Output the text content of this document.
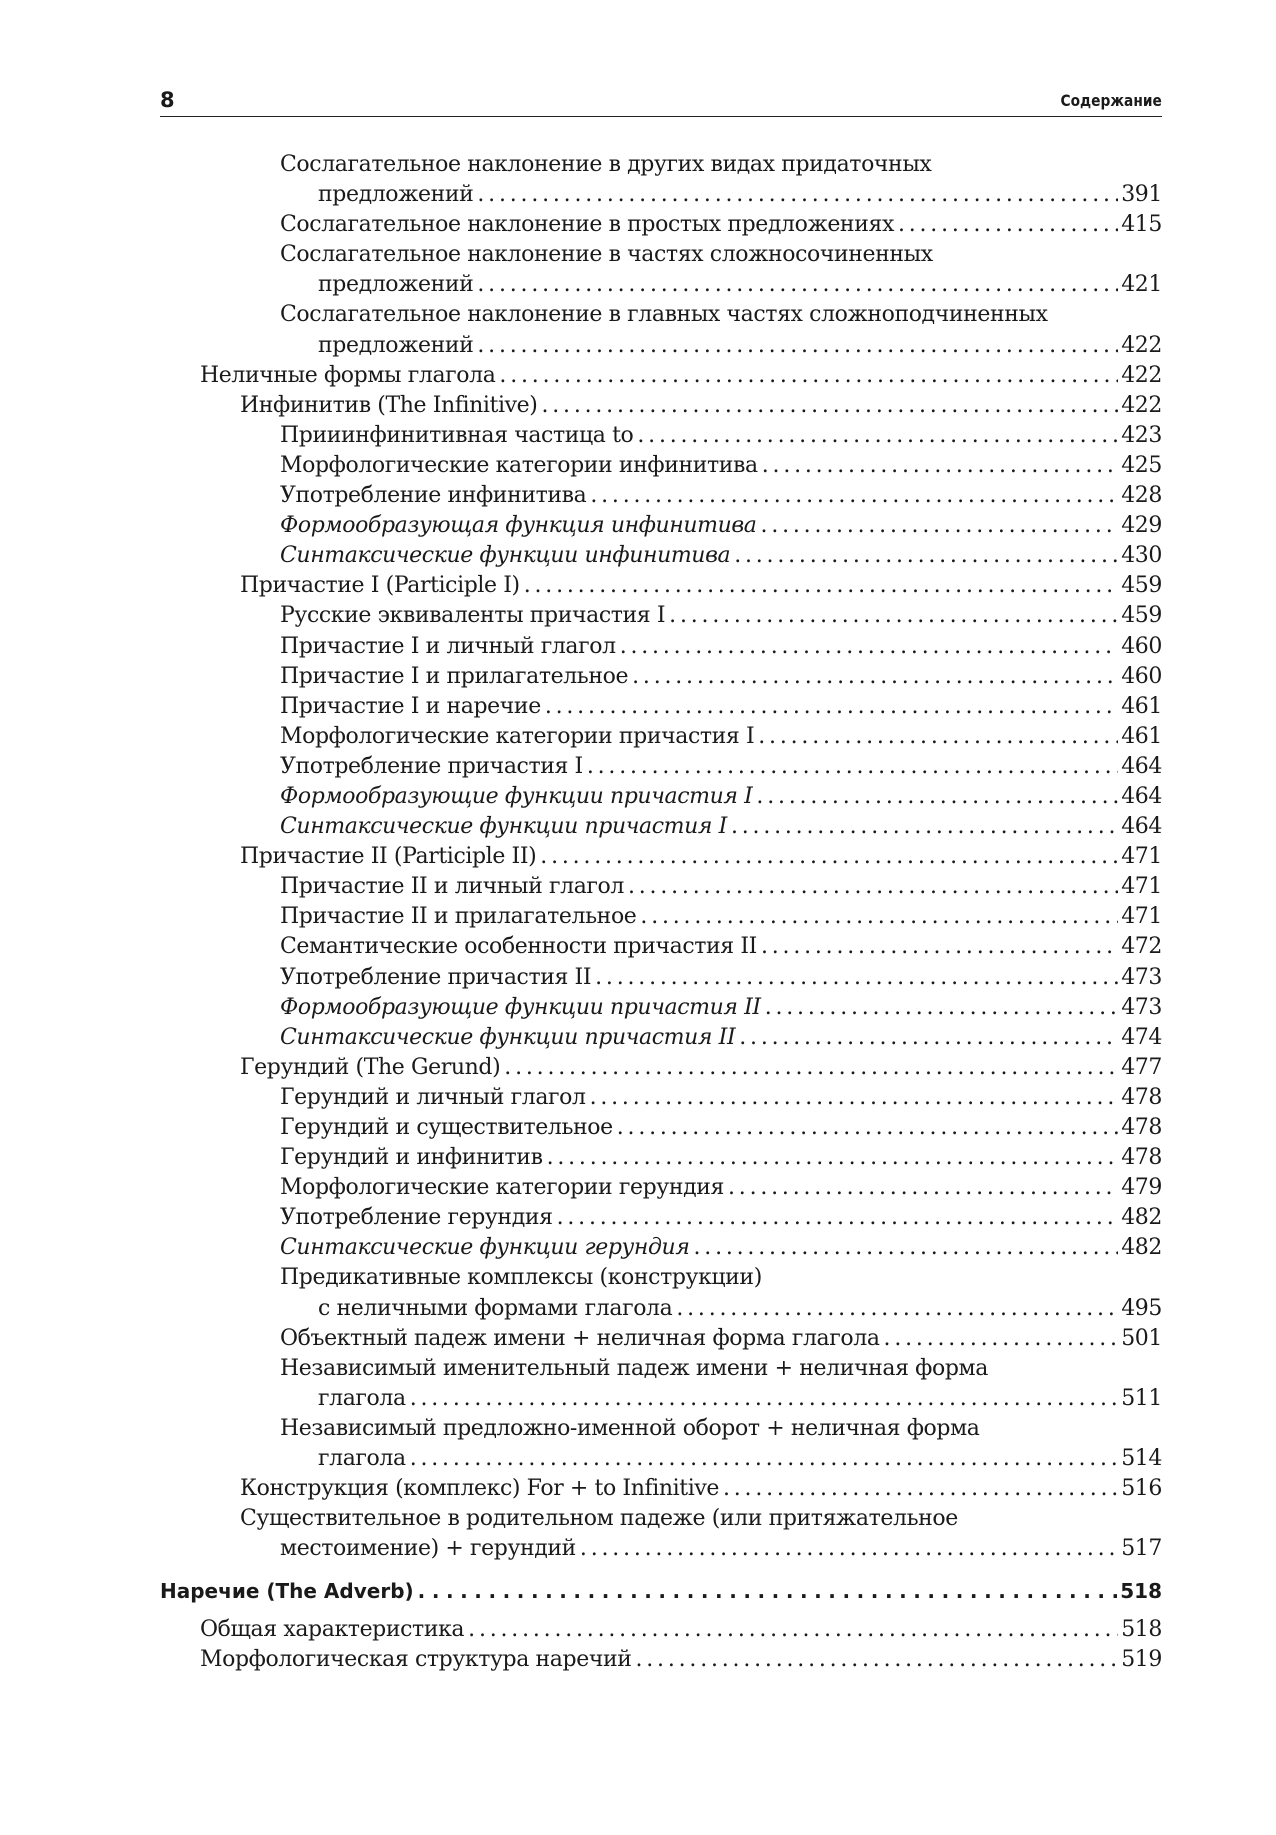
8	Содержание
Сослагательное наклонение в других видах придаточных
предложений . . .	391
Сослагательное наклонение в простых предложениях . . .	415
Сослагательное наклонение в частях сложносочиненных
предложений . . .	421
Сослагательное наклонение в главных частях сложноподчиненных
предложений . . .	422
Неличные формы глагола . . .	422
Инфинитив (The Infinitive) . . .	422
Прииинфинитивная частица to . . .	423
Морфологические категории инфинитива . . .	425
Употребление инфинитива . . .	428
Формообразующая функция инфинитива . . .	429
Синтаксические функции инфинитива . . .	430
Причастие I (Participle I) . . .	459
Русские эквиваленты причастия I . . .	459
Причастие I и личный глагол . . .	460
Причастие I и прилагательное . . .	460
Причастие I и наречие . . .	461
Морфологические категории причастия I . . .	461
Употребление причастия I . . .	464
Формообразующие функции причастия I . . .	464
Синтаксические функции причастия I . . .	464
Причастие II (Participle II) . . .	471
Причастие II и личный глагол . . .	471
Причастие II и прилагательное . . .	471
Семантические особенности причастия II . . .	472
Употребление причастия II . . .	473
Формообразующие функции причастия II . . .	473
Синтаксические функции причастия II . . .	474
Герундий (The Gerund) . . .	477
Герундий и личный глагол . . .	478
Герундий и существительное . . .	478
Герундий и инфинитив . . .	478
Морфологические категории герундия . . .	479
Употребление герундия . . .	482
Синтаксические функции герундия . . .	482
Предикативные комплексы (конструкции)
с неличными формами глагола . . .	495
Объектный падеж имени + неличная форма глагола . . .	501
Независимый именительный падеж имени + неличная форма
глагола . . .	511
Независимый предложно-именной оборот + неличная форма
глагола . . .	514
Конструкция (комплекс) For + to Infinitive . . .	516
Существительное в родительном падеже (или притяжательное
местоимение) + герундий . . .	517
Наречие (The Adverb) . . .	518
Общая характеристика . . .	518
Морфологическая структура наречий . . .	519
